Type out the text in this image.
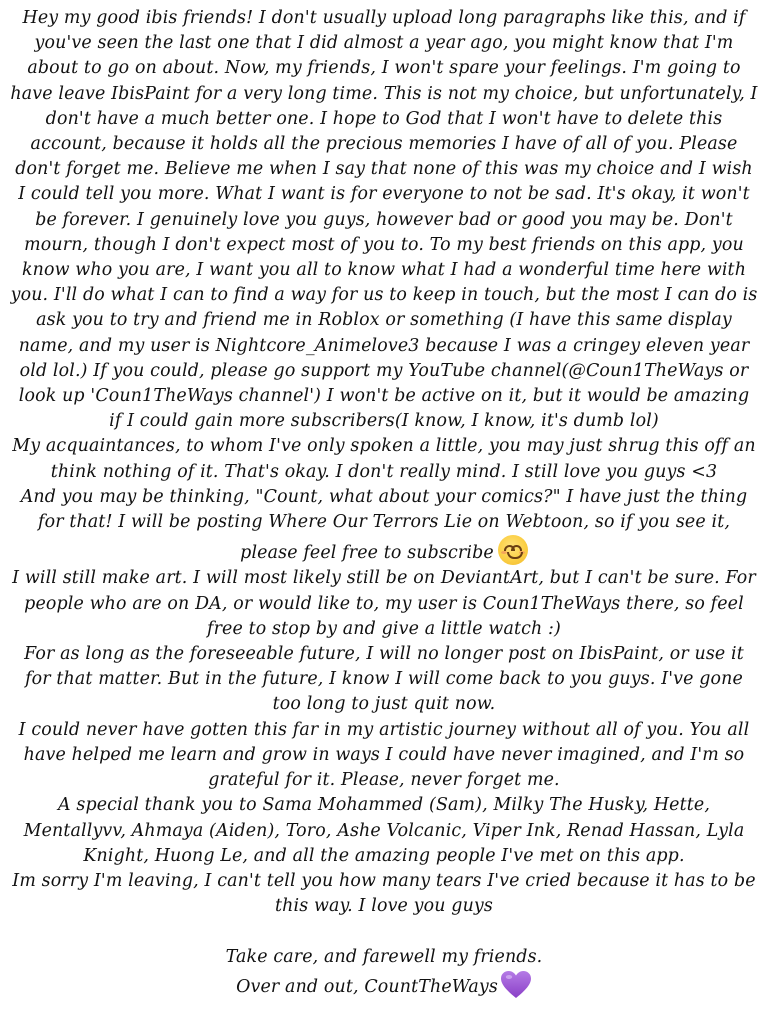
Hey my good ibis friends! I don't usually upload long paragraphs like this, and if you've seen the last one that I did almost a year ago, you might know that I'm about to go on about. Now, my friends, I won't spare your feelings. I'm going to have leave IbisPaint for a very long time. This is not my choice, but unfortunately, I don't have a much better one. I hope to God that I won't have to delete this account, because it holds all the precious memories I have of all of you. Please don't forget me. Believe me when I say that none of this was my choice and I wish I could tell you more. What I want is for everyone to not be sad. It's okay, it won't be forever. I genuinely love you guys, however bad or good you may be. Don't mourn, though I don't expect most of you to. To my best friends on this app, you know who you are, I want you all to know what I had a wonderful time here with you. I'll do what I can to find a way for us to keep in touch, but the most I can do is ask you to try and friend me in Roblox or something (I have this same display name, and my user is Nightcore_Animelove3 because I was a cringey eleven year old lol.) If you could, please go support my YouTube channel(@Coun1TheWays or look up 'Coun1TheWays channel') I won't be active on it, but it would be amazing if I could gain more subscribers(I know, I know, it's dumb lol)

My acquaintances, to whom I've only spoken a little, you may just shrug this off an think nothing of it. That's okay. I don't really mind. I still love you guys <3

And you may be thinking, "Count, what about your comics?" I have just the thing for that! I will be posting Where Our Terrors Lie on Webtoon, so if you see it, please feel free to subscribe

I will still make art. I will most likely still be on DeviantArt, but I can't be sure. For people who are on DA, or would like to, my user is Coun1TheWays there, so feel free to stop by and give a little watch :)

For as long as the foreseeable future, I will no longer post on IbisPaint, or use it for that matter. But in the future, I know I will come back to you guys. I've gone too long to just quit now.

I could never have gotten this far in my artistic journey without all of you. You all have helped me learn and grow in ways I could have never imagined, and I'm so grateful for it. Please, never forget me.

A special thank you to Sama Mohammed (Sam), Milky The Husky, Hette, Mentallyvv, Ahmaya (Aiden), Toro, Ashe Volcanic, Viper Ink, Renad Hassan, Lyla Knight, Huong Le, and all the amazing people I've met on this app.

Im sorry I'm leaving, I can't tell you how many tears I've cried because it has to be this way. I love you guys

Take care, and farewell my friends.

Over and out, CountTheWays
